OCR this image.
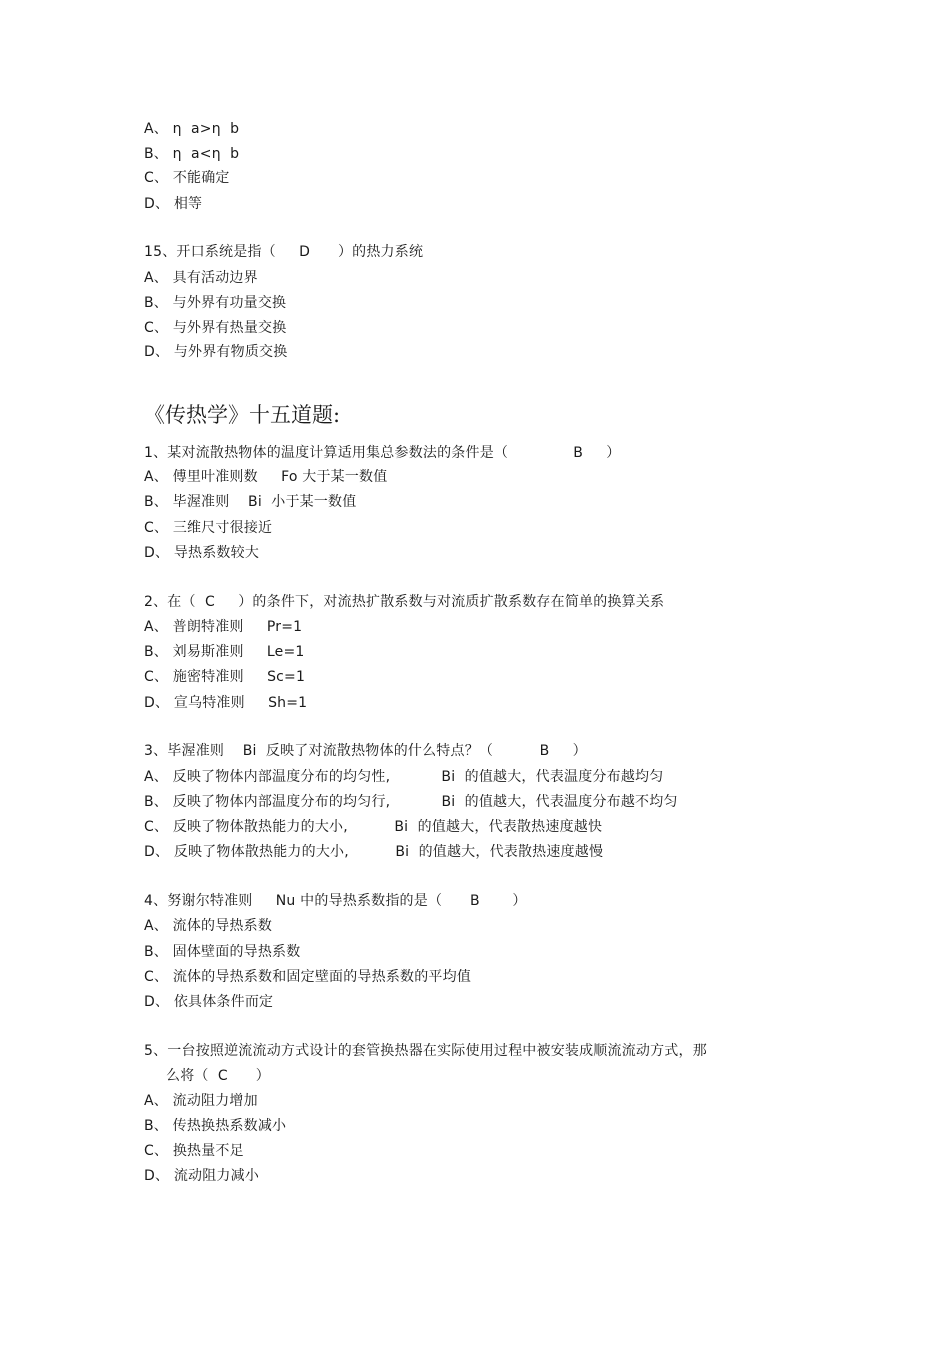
A、 η  a>η  b
B、 η  a<η  b
C、 不能确定
D、 相等
15、开口系统是指（     D      ）的热力系统
A、 具有活动边界
B、 与外界有功量交换
C、 与外界有热量交换
D、 与外界有物质交换
《传热学》十五道题:
1、某对流散热物体的温度计算适用集总参数法的条件是（              B     ）
A、 傅里叶准则数     Fo 大于某一数值
B、 毕渥准则    Bi  小于某一数值
C、 三维尺寸很接近
D、 导热系数较大
2、在（  C     ）的条件下，对流热扩散系数与对流质扩散系数存在简单的换算关系
A、 普朗特准则     Pr=1
B、 刘易斯准则     Le=1
C、 施密特准则     Sc=1
D、 宣乌特准则     Sh=1
3、毕渥准则    Bi  反映了对流散热物体的什么特点？（          B     ）
A、 反映了物体内部温度分布的均匀性,           Bi  的值越大，代表温度分布越均匀
B、 反映了物体内部温度分布的均匀行,           Bi  的值越大，代表温度分布越不均匀
C、 反映了物体散热能力的大小,          Bi  的值越大，代表散热速度越快
D、 反映了物体散热能力的大小,          Bi  的值越大，代表散热速度越慢
4、努谢尔特准则     Nu 中的导热系数指的是（      B       ）
A、 流体的导热系数
B、 固体壁面的导热系数
C、 流体的导热系数和固定壁面的导热系数的平均值
D、 依具体条件而定
5、一台按照逆流流动方式设计的套管换热器在实际使用过程中被安装成顺流流动方式，那
么将（  C      ）
A、 流动阻力增加
B、 传热换热系数减小
C、 换热量不足
D、 流动阻力减小
